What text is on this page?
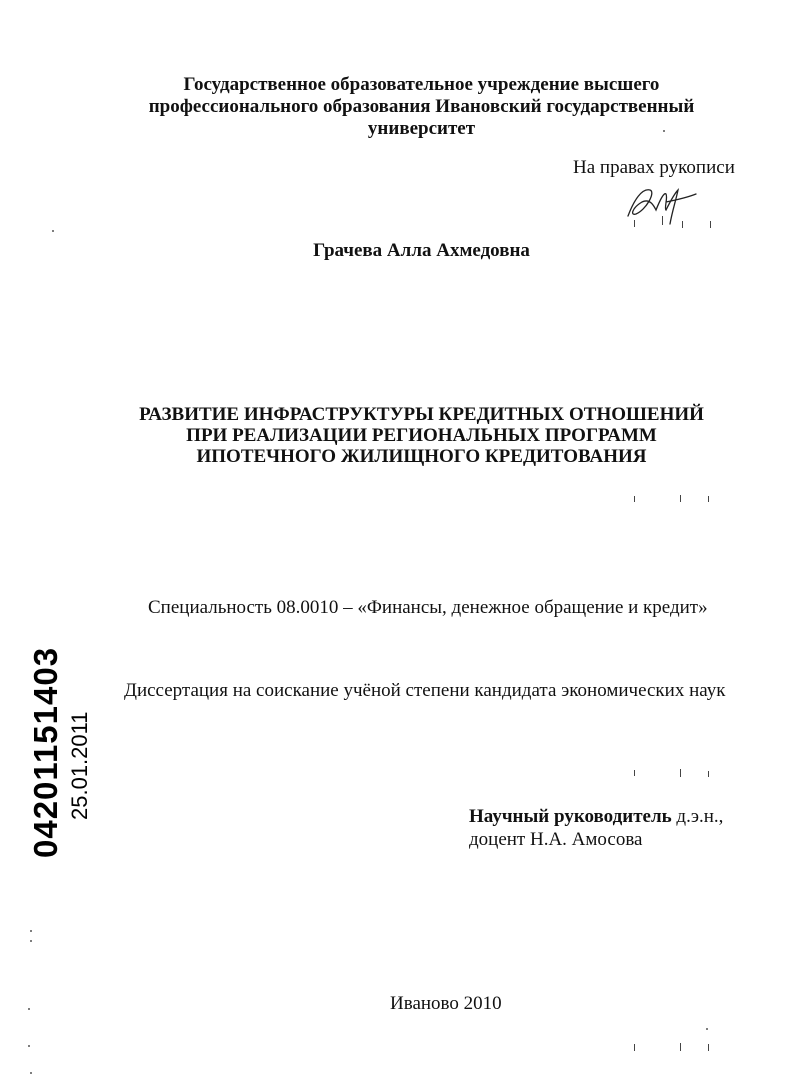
Государственное образовательное учреждение высшего
профессионального образования Ивановский государственный
университет
На правах рукописи
Грачева Алла Ахмедовна
РАЗВИТИЕ ИНФРАСТРУКТУРЫ КРЕДИТНЫХ ОТНОШЕНИЙ
ПРИ РЕАЛИЗАЦИИ РЕГИОНАЛЬНЫХ ПРОГРАММ
ИПОТЕЧНОГО ЖИЛИЩНОГО КРЕДИТОВАНИЯ
Специальность 08.0010 – «Финансы, денежное обращение и кредит»
Диссертация на соискание учёной степени кандидата экономических наук
04201151403 25.01.2011	Научный руководитель д.э.н.,
доцент Н.А. Амосова
Иваново 2010
